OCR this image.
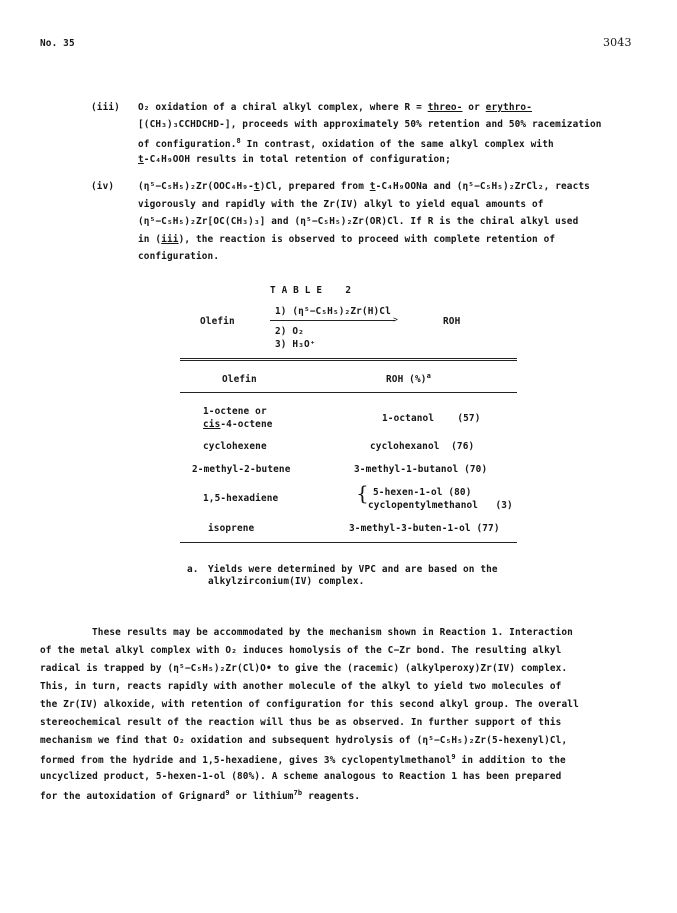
No. 35	3043
(iii) O₂ oxidation of a chiral alkyl complex, where R = threo- or erythro-
[(CH₃)₃CCHDCHD-], proceeds with approximately 50% retention and 50% racemization
of configuration.$^8$ In contrast, oxidation of the same alkyl complex with
t-C₄H₉OOH results in total retention of configuration;
(iv)	(η⁵−C₅H₅)₂Zr(OOC₄H₉-t)Cl, prepared from t-C₄H₉OONa and (η⁵−C₅H₅)₂ZrCl₂, reacts
vigorously and rapidly with the Zr(IV) alkyl to yield equal amounts of
(η⁵−C₅H₅)₂Zr[OC(CH₃)₃] and (η⁵−C₅H₅)₂Zr(OR)Cl. If R is the chiral alkyl used
in (iii), the reaction is observed to proceed with complete retention of
configuration.
T A B L E    2
Olefin
1) (η⁵−C₅H₅)₂Zr(H)Cl
>
2) O₂
3) H₃O⁺
ROH
Olefin	ROH (%)$^a$
1-octene or
cis-4-octene
1-octanol    (57)
cyclohexene	cyclohexanol  (76)
2-methyl-2-butene	3-methyl-1-butanol (70)
1,5-hexadiene	{ 5-hexen-1-ol (80)
cyclopentylmethanol   (3)
isoprene	3-methyl-3-buten-1-ol (77)
a. Yields were determined by VPC and are based on the
alkylzirconium(IV) complex.
These results may be accommodated by the mechanism shown in Reaction 1. Interaction
of the metal alkyl complex with O₂ induces homolysis of the C−Zr bond. The resulting alkyl
radical is trapped by (η⁵−C₅H₅)₂Zr(Cl)O• to give the (racemic) (alkylperoxy)Zr(IV) complex.
This, in turn, reacts rapidly with another molecule of the alkyl to yield two molecules of
the Zr(IV) alkoxide, with retention of configuration for this second alkyl group. The overall
stereochemical result of the reaction will thus be as observed. In further support of this
mechanism we find that O₂ oxidation and subsequent hydrolysis of (η⁵−C₅H₅)₂Zr(5-hexenyl)Cl,
formed from the hydride and 1,5-hexadiene, gives 3% cyclopentylmethanol$^9$ in addition to the
uncyclized product, 5-hexen-1-ol (80%). A scheme analogous to Reaction 1 has been prepared
for the autoxidation of Grignard$^9$ or lithium$^{7b}$ reagents.
